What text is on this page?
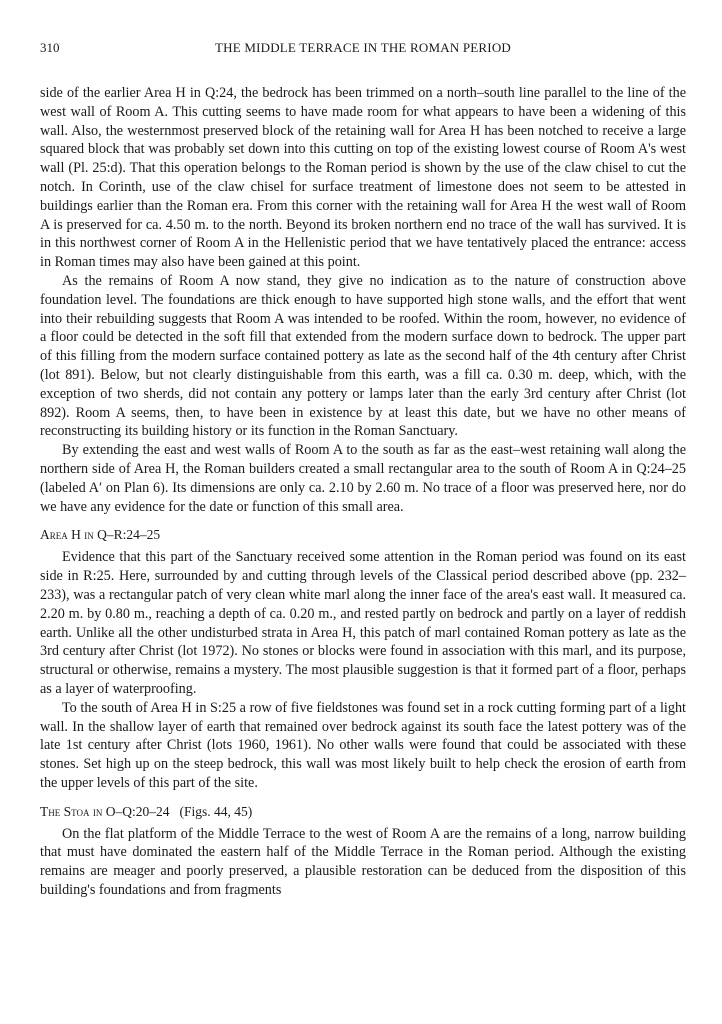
310	THE MIDDLE TERRACE IN THE ROMAN PERIOD

side of the earlier Area H in Q:24, the bedrock has been trimmed on a north–south line parallel to the line of the west wall of Room A. This cutting seems to have made room for what appears to have been a widening of this wall. Also, the westernmost preserved block of the retaining wall for Area H has been notched to receive a large squared block that was probably set down into this cutting on top of the existing lowest course of Room A's west wall (Pl. 25:d). That this operation belongs to the Roman period is shown by the use of the claw chisel to cut the notch. In Corinth, use of the claw chisel for surface treatment of limestone does not seem to be attested in buildings earlier than the Roman era. From this corner with the retaining wall for Area H the west wall of Room A is preserved for ca. 4.50 m. to the north. Beyond its broken northern end no trace of the wall has survived. It is in this northwest corner of Room A in the Hellenistic period that we have tentatively placed the entrance: access in Roman times may also have been gained at this point.

As the remains of Room A now stand, they give no indication as to the nature of construction above foundation level. The foundations are thick enough to have supported high stone walls, and the effort that went into their rebuilding suggests that Room A was intended to be roofed. Within the room, however, no evidence of a floor could be detected in the soft fill that extended from the modern surface down to bedrock. The upper part of this filling from the modern surface contained pottery as late as the second half of the 4th century after Christ (lot 891). Below, but not clearly distinguishable from this earth, was a fill ca. 0.30 m. deep, which, with the exception of two sherds, did not contain any pottery or lamps later than the early 3rd century after Christ (lot 892). Room A seems, then, to have been in existence by at least this date, but we have no other means of reconstructing its building history or its function in the Roman Sanctuary.

By extending the east and west walls of Room A to the south as far as the east–west retaining wall along the northern side of Area H, the Roman builders created a small rectangular area to the south of Room A in Q:24–25 (labeled A′ on Plan 6). Its dimensions are only ca. 2.10 by 2.60 m. No trace of a floor was preserved here, nor do we have any evidence for the date or function of this small area.

Area H in Q–R:24–25

Evidence that this part of the Sanctuary received some attention in the Roman period was found on its east side in R:25. Here, surrounded by and cutting through levels of the Classical period described above (pp. 232–233), was a rectangular patch of very clean white marl along the inner face of the area's east wall. It measured ca. 2.20 m. by 0.80 m., reaching a depth of ca. 0.20 m., and rested partly on bedrock and partly on a layer of reddish earth. Unlike all the other undisturbed strata in Area H, this patch of marl contained Roman pottery as late as the 3rd century after Christ (lot 1972). No stones or blocks were found in association with this marl, and its purpose, structural or otherwise, remains a mystery. The most plausible suggestion is that it formed part of a floor, perhaps as a layer of waterproofing.

To the south of Area H in S:25 a row of five fieldstones was found set in a rock cutting forming part of a light wall. In the shallow layer of earth that remained over bedrock against its south face the latest pottery was of the late 1st century after Christ (lots 1960, 1961). No other walls were found that could be associated with these stones. Set high up on the steep bedrock, this wall was most likely built to help check the erosion of earth from the upper levels of this part of the site.

The Stoa in O–Q:20–24 (Figs. 44, 45)

On the flat platform of the Middle Terrace to the west of Room A are the remains of a long, narrow building that must have dominated the eastern half of the Middle Terrace in the Roman period. Although the existing remains are meager and poorly preserved, a plausible restoration can be deduced from the disposition of this building's foundations and from fragments
